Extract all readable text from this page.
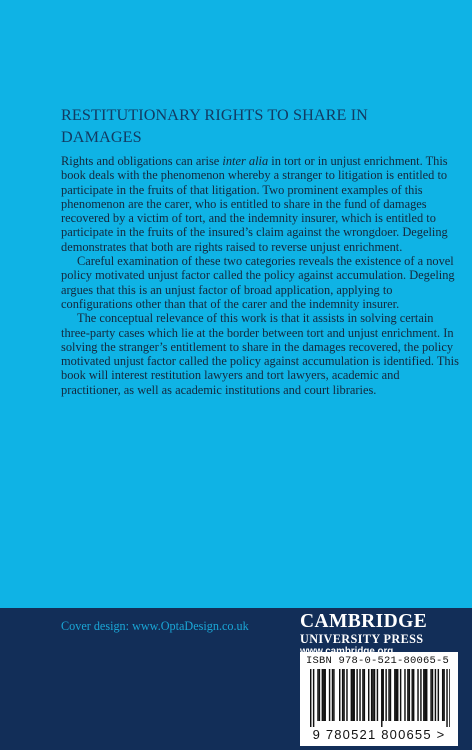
RESTITUTIONARY RIGHTS TO SHARE IN DAMAGES

Rights and obligations can arise inter alia in tort or in unjust enrichment. This book deals with the phenomenon whereby a stranger to litigation is entitled to participate in the fruits of that litigation. Two prominent examples of this phenomenon are the carer, who is entitled to share in the fund of damages recovered by a victim of tort, and the indemnity insurer, which is entitled to participate in the fruits of the insured’s claim against the wrongdoer. Degeling demonstrates that both are rights raised to reverse unjust enrichment.

Careful examination of these two categories reveals the existence of a novel policy motivated unjust factor called the policy against accumulation. Degeling argues that this is an unjust factor of broad application, applying to configurations other than that of the carer and the indemnity insurer.

The conceptual relevance of this work is that it assists in solving certain three-party cases which lie at the border between tort and unjust enrichment. In solving the stranger’s entitlement to share in the damages recovered, the policy motivated unjust factor called the policy against accumulation is identified. This book will interest restitution lawyers and tort lawyers, academic and practitioner, as well as academic institutions and court libraries.

Cover design: www.OptaDesign.co.uk	CAMBRIDGE
UNIVERSITY PRESS
ISBN 978-0-521-80065-5
9 780521 800655 >
